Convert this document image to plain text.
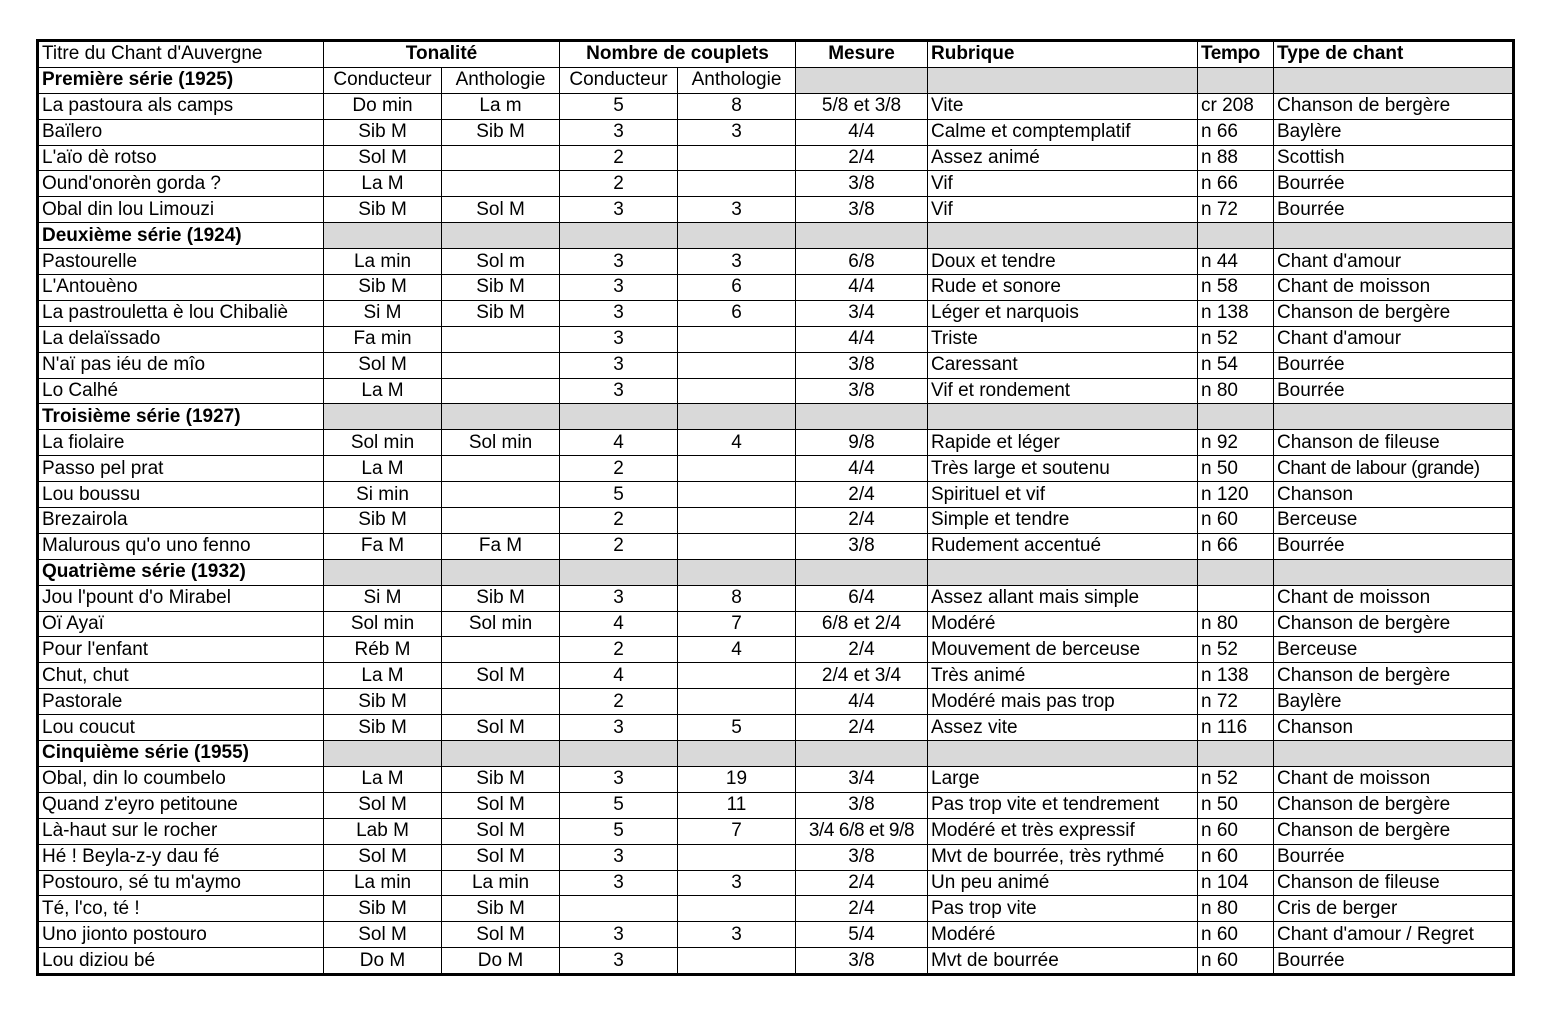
Titre du Chant d'Auvergne	Tonalité		Nombre de couplets		Mesure	Rubrique	Tempo	Type de chant
Première série (1925)	Conducteur	Anthologie	Conducteur	Anthologie				
La pastoura als camps	Do min	La m	5	8	5/8 et 3/8	Vite	cr 208	Chanson de bergère
Baïlero	Sib M	Sib M	3	3	4/4	Calme et comptemplatif	n 66	Baylère
L'aïo dè rotso	Sol M		2		2/4	Assez animé	n 88	Scottish
Ound'onorèn gorda ?	La M		2		3/8	Vif	n 66	Bourrée
Obal din lou Limouzi	Sib M	Sol M	3	3	3/8	Vif	n 72	Bourrée
Deuxième série (1924)								
Pastourelle	La min	Sol m	3	3	6/8	Doux et tendre	n 44	Chant d'amour
L'Antouèno	Sib M	Sib M	3	6	4/4	Rude et sonore	n 58	Chant de moisson
La pastrouletta è lou Chibaliè	Si M	Sib M	3	6	3/4	Léger et narquois	n 138	Chanson de bergère
La delaïssado	Fa min		3		4/4	Triste	n 52	Chant d'amour
N'aï pas iéu de mîo	Sol M		3		3/8	Caressant	n 54	Bourrée
Lo Calhé	La M		3		3/8	Vif et rondement	n 80	Bourrée
Troisième série (1927)								
La fiolaire	Sol min	Sol min	4	4	9/8	Rapide et léger	n 92	Chanson de fileuse
Passo pel prat	La M		2		4/4	Très large et soutenu	n 50	Chant de labour (grande)
Lou boussu	Si min		5		2/4	Spirituel et vif	n 120	Chanson
Brezairola	Sib M		2		2/4	Simple et tendre	n 60	Berceuse
Malurous qu'o uno fenno	Fa M	Fa M	2		3/8	Rudement accentué	n 66	Bourrée
Quatrième série (1932)								
Jou l'pount d'o Mirabel	Si M	Sib M	3	8	6/4	Assez allant mais simple		Chant de moisson
Oï Ayaï	Sol min	Sol min	4	7	6/8 et 2/4	Modéré	n 80	Chanson de bergère
Pour l'enfant	Réb M		2	4	2/4	Mouvement de berceuse	n 52	Berceuse
Chut, chut	La M	Sol M	4		2/4 et 3/4	Très animé	n 138	Chanson de bergère
Pastorale	Sib M		2		4/4	Modéré mais pas trop	n 72	Baylère
Lou coucut	Sib M	Sol M	3	5	2/4	Assez vite	n 116	Chanson
Cinquième série (1955)								
Obal, din lo coumbelo	La M	Sib M	3	19	3/4	Large	n 52	Chant de moisson
Quand z'eyro petitoune	Sol M	Sol M	5	11	3/8	Pas trop vite et tendrement	n 50	Chanson de bergère
Là-haut sur le rocher	Lab M	Sol M	5	7	3/4 6/8 et 9/8	Modéré et très expressif	n 60	Chanson de bergère
Hé ! Beyla-z-y dau fé	Sol M	Sol M	3		3/8	Mvt de bourrée, très rythmé	n 60	Bourrée
Postouro, sé tu m'aymo	La min	La min	3	3	2/4	Un peu animé	n 104	Chanson de fileuse
Té, l'co, té !	Sib M	Sib M			2/4	Pas trop vite	n 80	Cris de berger
Uno jionto postouro	Sol M	Sol M	3	3	5/4	Modéré	n 60	Chant d'amour / Regret
Lou diziou bé	Do M	Do M	3		3/8	Mvt de bourrée	n 60	Bourrée
